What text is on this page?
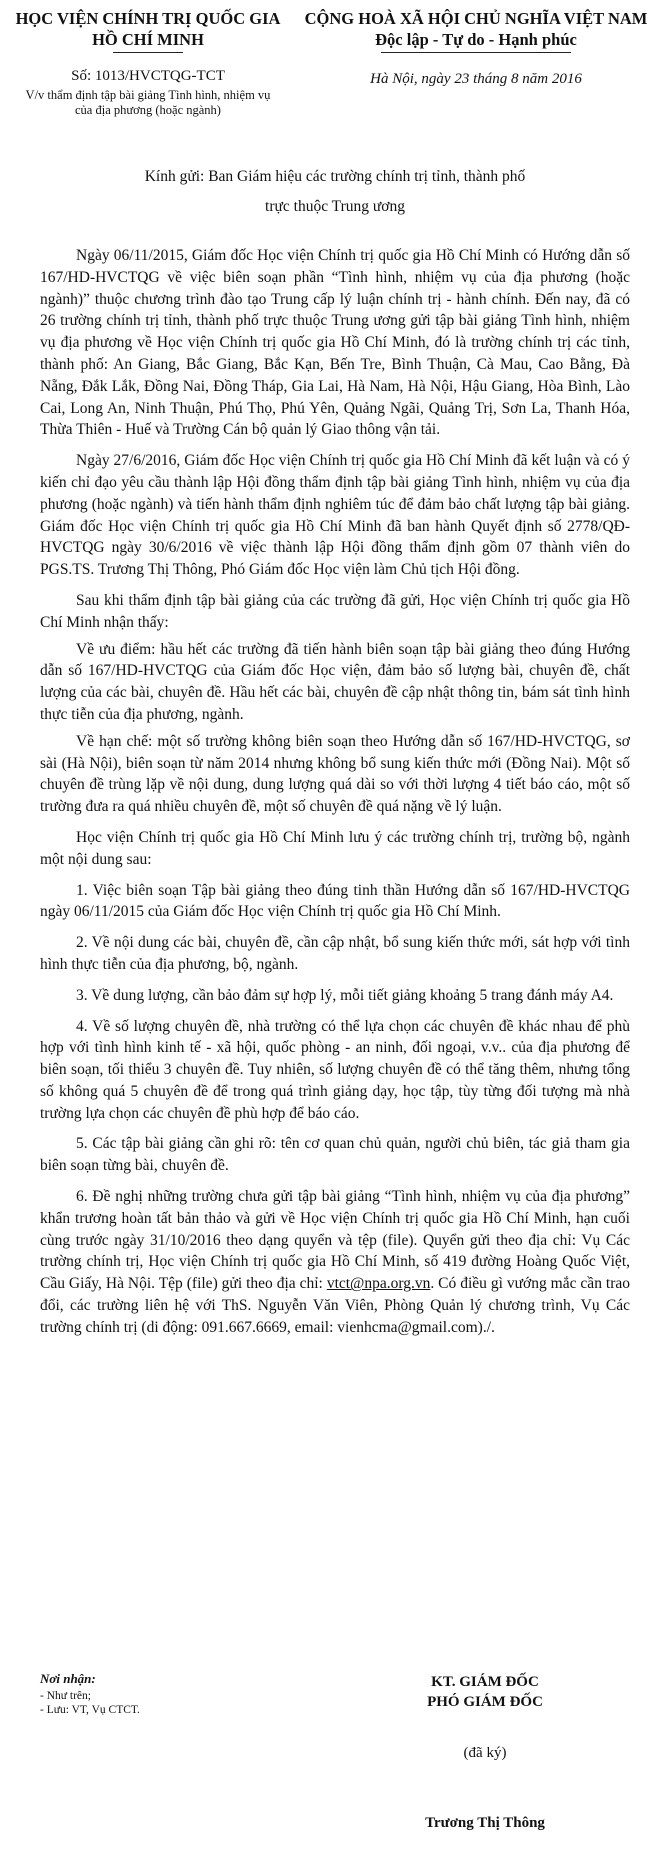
HỌC VIỆN CHÍNH TRỊ QUỐC GIA
HỒ CHÍ MINH
Số: 1013/HVCTQG-TCT
V/v thẩm định tập bài giảng Tình hình, nhiệm vụ
của địa phương (hoặc ngành)
CỘNG HOÀ XÃ HỘI CHỦ NGHĨA VIỆT NAM
Độc lập - Tự do - Hạnh phúc
Hà Nội, ngày 23 tháng 8 năm 2016
Kính gửi: Ban Giám hiệu các trường chính trị tỉnh, thành phố
trực thuộc Trung ương

Ngày 06/11/2015, Giám đốc Học viện Chính trị quốc gia Hồ Chí Minh có Hướng dẫn số 167/HD-HVCTQG về việc biên soạn phần “Tình hình, nhiệm vụ của địa phương (hoặc ngành)” thuộc chương trình đào tạo Trung cấp lý luận chính trị - hành chính. Đến nay, đã có 26 trường chính trị tỉnh, thành phố trực thuộc Trung ương gửi tập bài giảng Tình hình, nhiệm vụ địa phương về Học viện Chính trị quốc gia Hồ Chí Minh, đó là trường chính trị các tỉnh, thành phố: An Giang, Bắc Giang, Bắc Kạn, Bến Tre, Bình Thuận, Cà Mau, Cao Bằng, Đà Nẵng, Đắk Lắk, Đồng Nai, Đồng Tháp, Gia Lai, Hà Nam, Hà Nội, Hậu Giang, Hòa Bình, Lào Cai, Long An, Ninh Thuận, Phú Thọ, Phú Yên, Quảng Ngãi, Quảng Trị, Sơn La, Thanh Hóa, Thừa Thiên - Huế và Trường Cán bộ quản lý Giao thông vận tải.

Ngày 27/6/2016, Giám đốc Học viện Chính trị quốc gia Hồ Chí Minh đã kết luận và có ý kiến chỉ đạo yêu cầu thành lập Hội đồng thẩm định tập bài giảng Tình hình, nhiệm vụ của địa phương (hoặc ngành) và tiến hành thẩm định nghiêm túc để đảm bảo chất lượng tập bài giảng. Giám đốc Học viện Chính trị quốc gia Hồ Chí Minh đã ban hành Quyết định số 2778/QĐ-HVCTQG ngày 30/6/2016 về việc thành lập Hội đồng thẩm định gồm 07 thành viên do PGS.TS. Trương Thị Thông, Phó Giám đốc Học viện làm Chủ tịch Hội đồng.

Sau khi thẩm định tập bài giảng của các trường đã gửi, Học viện Chính trị quốc gia Hồ Chí Minh nhận thấy:

Về ưu điểm: hầu hết các trường đã tiến hành biên soạn tập bài giảng theo đúng Hướng dẫn số 167/HD-HVCTQG của Giám đốc Học viện, đảm bảo số lượng bài, chuyên đề, chất lượng của các bài, chuyên đề. Hầu hết các bài, chuyên đề cập nhật thông tin, bám sát tình hình thực tiễn của địa phương, ngành.

Về hạn chế: một số trường không biên soạn theo Hướng dẫn số 167/HD-HVCTQG, sơ sài (Hà Nội), biên soạn từ năm 2014 nhưng không bổ sung kiến thức mới (Đồng Nai). Một số chuyên đề trùng lặp về nội dung, dung lượng quá dài so với thời lượng 4 tiết báo cáo, một số trường đưa ra quá nhiều chuyên đề, một số chuyên đề quá nặng về lý luận.

Học viện Chính trị quốc gia Hồ Chí Minh lưu ý các trường chính trị, trường bộ, ngành một nội dung sau:

1. Việc biên soạn Tập bài giảng theo đúng tinh thần Hướng dẫn số 167/HD-HVCTQG ngày 06/11/2015 của Giám đốc Học viện Chính trị quốc gia Hồ Chí Minh.

2. Về nội dung các bài, chuyên đề, cần cập nhật, bổ sung kiến thức mới, sát hợp với tình hình thực tiễn của địa phương, bộ, ngành.

3. Về dung lượng, cần bảo đảm sự hợp lý, mỗi tiết giảng khoảng 5 trang đánh máy A4.

4. Về số lượng chuyên đề, nhà trường có thể lựa chọn các chuyên đề khác nhau để phù hợp với tình hình kinh tế - xã hội, quốc phòng - an ninh, đối ngoại, v.v.. của địa phương để biên soạn, tối thiểu 3 chuyên đề. Tuy nhiên, số lượng chuyên đề có thể tăng thêm, nhưng tổng số không quá 5 chuyên đề để trong quá trình giảng dạy, học tập, tùy từng đối tượng mà nhà trường lựa chọn các chuyên đề phù hợp để báo cáo.

5. Các tập bài giảng cần ghi rõ: tên cơ quan chủ quản, người chủ biên, tác giả tham gia biên soạn từng bài, chuyên đề.

6. Đề nghị những trường chưa gửi tập bài giảng “Tình hình, nhiệm vụ của địa phương” khẩn trương hoàn tất bản thảo và gửi về Học viện Chính trị quốc gia Hồ Chí Minh, hạn cuối cùng trước ngày 31/10/2016 theo dạng quyển và tệp (file). Quyển gửi theo địa chỉ: Vụ Các trường chính trị, Học viện Chính trị quốc gia Hồ Chí Minh, số 419 đường Hoàng Quốc Việt, Cầu Giấy, Hà Nội. Tệp (file) gửi theo địa chỉ: vtct@npa.org.vn. Có điều gì vướng mắc cần trao đổi, các trường liên hệ với ThS. Nguyễn Văn Viên, Phòng Quản lý chương trình, Vụ Các trường chính trị (di động: 091.667.6669, email: vienhcma@gmail.com)./.

Nơi nhận:
- Như trên;
- Lưu: VT, Vụ CTCT.
KT. GIÁM ĐỐC
PHÓ GIÁM ĐỐC
(đã ký)
Trương Thị Thông
